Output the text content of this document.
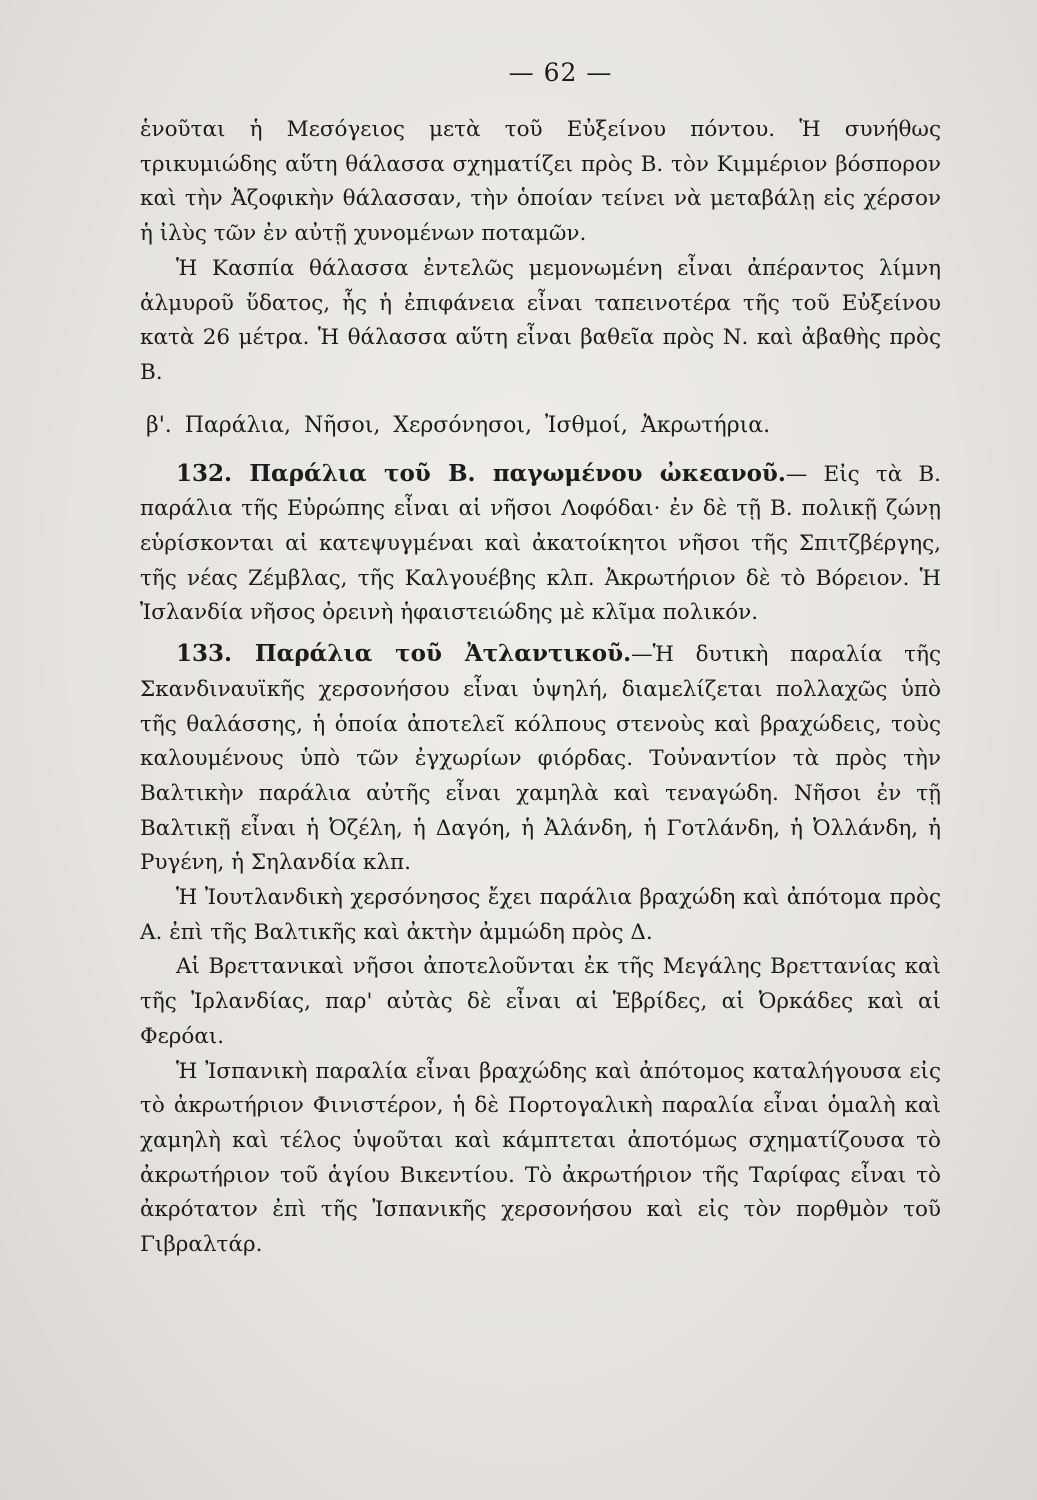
— 62 —

ἑνοῦται ἡ Μεσόγειος μετὰ τοῦ Εὐξείνου πόντου. Ἡ συνήθως τρικυμιώδης αὕτη θάλασσα σχηματίζει πρὸς Β. τὸν Κιμμέριον βόσπορον καὶ τὴν Ἀζοφικὴν θάλασσαν, τὴν ὁποίαν τείνει νὰ μεταβάλῃ εἰς χέρσον ἡ ἰλὺς τῶν ἐν αὐτῇ χυνομένων ποταμῶν.

Ἡ Κασπία θάλασσα ἐντελῶς μεμονωμένη εἶναι ἀπέραντος λίμνη ἁλμυροῦ ὕδατος, ἧς ἡ ἐπιφάνεια εἶναι ταπεινοτέρα τῆς τοῦ Εὐξείνου κατὰ 26 μέτρα. Ἡ θάλασσα αὕτη εἶναι βαθεῖα πρὸς Ν. καὶ ἀβαθὴς πρὸς Β.

β'. Παράλια, Νῆσοι, Χερσόνησοι, Ἰσθμοί, Ἀκρωτήρια.

132. Παράλια τοῦ Β. παγωμένου ὠκεανοῦ.— Εἰς τὰ Β. παράλια τῆς Εὐρώπης εἶναι αἱ νῆσοι Λοφόδαι· ἐν δὲ τῇ Β. πολικῇ ζώνῃ εὑρίσκονται αἱ κατεψυγμέναι καὶ ἀκατοίκητοι νῆσοι τῆς Σπιτζβέργης, τῆς νέας Ζέμβλας, τῆς Καλγουέβης κλπ. Ἀκρωτήριον δὲ τὸ Βόρειον. Ἡ Ἰσλανδία νῆσος ὀρεινὴ ἡφαιστειώδης μὲ κλῖμα πολικόν.

133. Παράλια τοῦ Ἀτλαντικοῦ.—Ἡ δυτικὴ παραλία τῆς Σκανδιναυϊκῆς χερσονήσου εἶναι ὑψηλή, διαμελίζεται πολλαχῶς ὑπὸ τῆς θαλάσσης, ἡ ὁποία ἀποτελεῖ κόλπους στενοὺς καὶ βραχώδεις, τοὺς καλουμένους ὑπὸ τῶν ἐγχωρίων φιόρδας. Τοὐναντίον τὰ πρὸς τὴν Βαλτικὴν παράλια αὐτῆς εἶναι χαμηλὰ καὶ τεναγώδη. Νῆσοι ἐν τῇ Βαλτικῇ εἶναι ἡ Ὀζέλη, ἡ Δαγόη, ἡ Ἀλάνδη, ἡ Γοτλάνδη, ἡ Ὀλλάνδη, ἡ Ρυγένη, ἡ Σηλανδία κλπ.

Ἡ Ἰουτλανδικὴ χερσόνησος ἔχει παράλια βραχώδη καὶ ἀπότομα πρὸς Α. ἐπὶ τῆς Βαλτικῆς καὶ ἀκτὴν ἀμμώδη πρὸς Δ.

Αἱ Βρεττανικαὶ νῆσοι ἀποτελοῦνται ἐκ τῆς Μεγάλης Βρεττανίας καὶ τῆς Ἰρλανδίας, παρ' αὐτὰς δὲ εἶναι αἱ Ἑβρίδες, αἱ Ὀρκάδες καὶ αἱ Φερόαι.

Ἡ Ἰσπανικὴ παραλία εἶναι βραχώδης καὶ ἀπότομος καταλήγουσα εἰς τὸ ἀκρωτήριον Φινιστέρον, ἡ δὲ Πορτογαλικὴ παραλία εἶναι ὁμαλὴ καὶ χαμηλὴ καὶ τέλος ὑψοῦται καὶ κάμπτεται ἀποτόμως σχηματίζουσα τὸ ἀκρωτήριον τοῦ ἁγίου Βικεντίου. Τὸ ἀκρωτήριον τῆς Ταρίφας εἶναι τὸ ἀκρότατον ἐπὶ τῆς Ἰσπανικῆς χερσονήσου καὶ εἰς τὸν πορθμὸν τοῦ Γιβραλτάρ.
